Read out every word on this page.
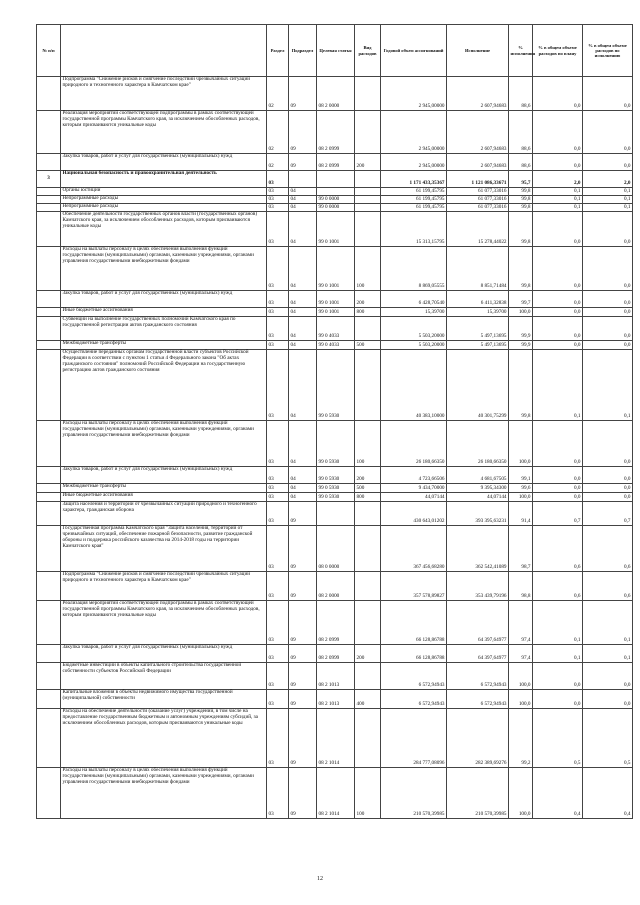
№ п/п		Раздел	Подраздел	Целевая статья	Вид расходов	Годовой объем ассигнований	Исполнение	% исполнения	% в общем объеме расходов по плану	% в общем объеме расходов по исполнению
	Подпрограмма "Снижение рисков и смягчение последствий чрезвычайных ситуаций природного и техногенного характера в Камчатском крае"	02	09	08 2 0000		2 945,00000	2 607,94683	88,6	0,0	0,0
	Реализация мероприятий соответствующей подпрограммы в рамках соответствующей государственной программы Камчатского края, за исключением обособленных расходов, которым присваиваются уникальные коды	02	09	08 2 0999		2 945,00000	2 607,94683	88,6	0,0	0,0
	Закупка товаров, работ и услуг для государственных (муниципальных) нужд	02	09	08 2 0999	200	2 945,00000	2 607,94683	88,6	0,0	0,0
3	Национальная безопасность и правоохранительная деятельность	03				1 171 433,35367	1 121 086,33671	95,7	2,0	2,0
	Органы юстиции	03	04			61 199,45795	61 077,33016	99,8	0,1	0,1
	Непрограммные расходы	03	04	99 0 0000		61 199,45795	61 077,33016	99,8	0,1	0,1
	Непрограммные расходы	03	04	99 0 0000		61 199,45795	61 077,33016	99,8	0,1	0,1
	Обеспечение деятельности государственных органов власти (государственных органов) Камчатского края, за исключением обособленных расходов, которым присваиваются уникальные коды	03	04	99 0 1001		15 313,15795	15 278,44022	99,8	0,0	0,0
	Расходы на выплаты персоналу в целях обеспечения выполнения функций государственными (муниципальными) органами, казенными учреждениями, органами управления государственными внебюджетными фондами	03	04	99 0 1001	100	8 869,05555	8 851,71484	99,8	0,0	0,0
	Закупка товаров, работ и услуг для государственных (муниципальных) нужд	03	04	99 0 1001	200	6 428,70540	6 411,32838	99,7	0,0	0,0
	Иные бюджетные ассигнования	03	04	99 0 1001	800	15,39700	15,39700	100,0	0,0	0,0
	Субвенции на выполнение государственных полномочий Камчатского края по государственной регистрации актов гражданского состояния	03	04	99 0 4033		5 503,20000	5 497,13695	99,9	0,0	0,0
	Межбюджетные трансферты	03	04	99 0 4033	500	5 503,20000	5 497,13695	99,9	0,0	0,0
	Осуществление переданных органам государственной власти субъектов Российской Федерации в соответствии с пунктом 1 статьи 4 Федерального закона "Об актах гражданского состояния" полномочий Российской Федерации на государственную регистрацию актов гражданского состояния	03	04	99 0 5930		40 383,10000	40 301,75299	99,8	0,1	0,1
	Расходы на выплаты персоналу в целях обеспечения выполнения функций государственными (муниципальными) органами, казенными учреждениями, органами управления государственными внебюджетными фондами	03	04	99 0 5930	100	26 180,66350	26 180,66350	100,0	0,0	0,0
	Закупка товаров, работ и услуг для государственных (муниципальных) нужд	03	04	99 0 5930	200	4 723,66506	4 681,67505	99,1	0,0	0,0
	Межбюджетные трансферты	03	04	99 0 5930	500	9 434,70000	9 395,34300	99,6	0,0	0,0
	Иные бюджетные ассигнования	03	04	99 0 5930	800	44,07144	44,07144	100,0	0,0	0,0
	Защита населения и территории от чрезвычайных ситуаций природного и техногенного характера, гражданская оборона	03	09			430 643,01202	393 395,63231	91,4	0,7	0,7
	Государственная программа Камчатского края "Защита населения, территорий от чрезвычайных ситуаций, обеспечение пожарной безопасности, развитие гражданской обороны и поддержка российского казачества на 2014-2018 годы на территории Камчатского края"	03	09	08 0 0000		367 456,68280	362 542,41089	98,7	0,6	0,6
	Подпрограмма "Снижение рисков и смягчение последствий чрезвычайных ситуаций природного и техногенного характера в Камчатском крае"	03	09	08 2 0000		357 578,89827	353 439,79196	98,8	0,6	0,6
	Реализация мероприятий соответствующей подпрограммы в рамках соответствующей государственной программы Камчатского края, за исключением обособленных расходов, которым присваиваются уникальные коды	03	09	08 2 0999		66 128,86788	64 397,64977	97,4	0,1	0,1
	Закупка товаров, работ и услуг для государственных (муниципальных) нужд	03	09	08 2 0999	200	66 128,86788	64 397,64977	97,4	0,1	0,1
	Бюджетные инвестиции в объекты капитального строительства государственной собственности субъектов Российской Федерации	03	09	08 2 1013		6 572,94943	6 572,94943	100,0	0,0	0,0
	Капитальные вложения в объекты недвижимого имущества государственной (муниципальной) собственности	03	09	08 2 1013	400	6 572,94943	6 572,94943	100,0	0,0	0,0
	Расходы на обеспечение деятельности (оказание услуг) учреждений, в том числе на предоставление государственным бюджетным и автономным учреждениям субсидий, за исключением обособленных расходов, которым присваиваются уникальные коды	03	09	08 2 1014		284 777,08096	282 389,69276	99,2	0,5	0,5
	Расходы на выплаты персоналу в целях обеспечения выполнения функций государственными (муниципальными) органами, казенными учреждениями, органами управления государственными внебюджетными фондами	03	09	08 2 1014	100	210 570,39985	210 570,39985	100,0	0,4	0,4
12
